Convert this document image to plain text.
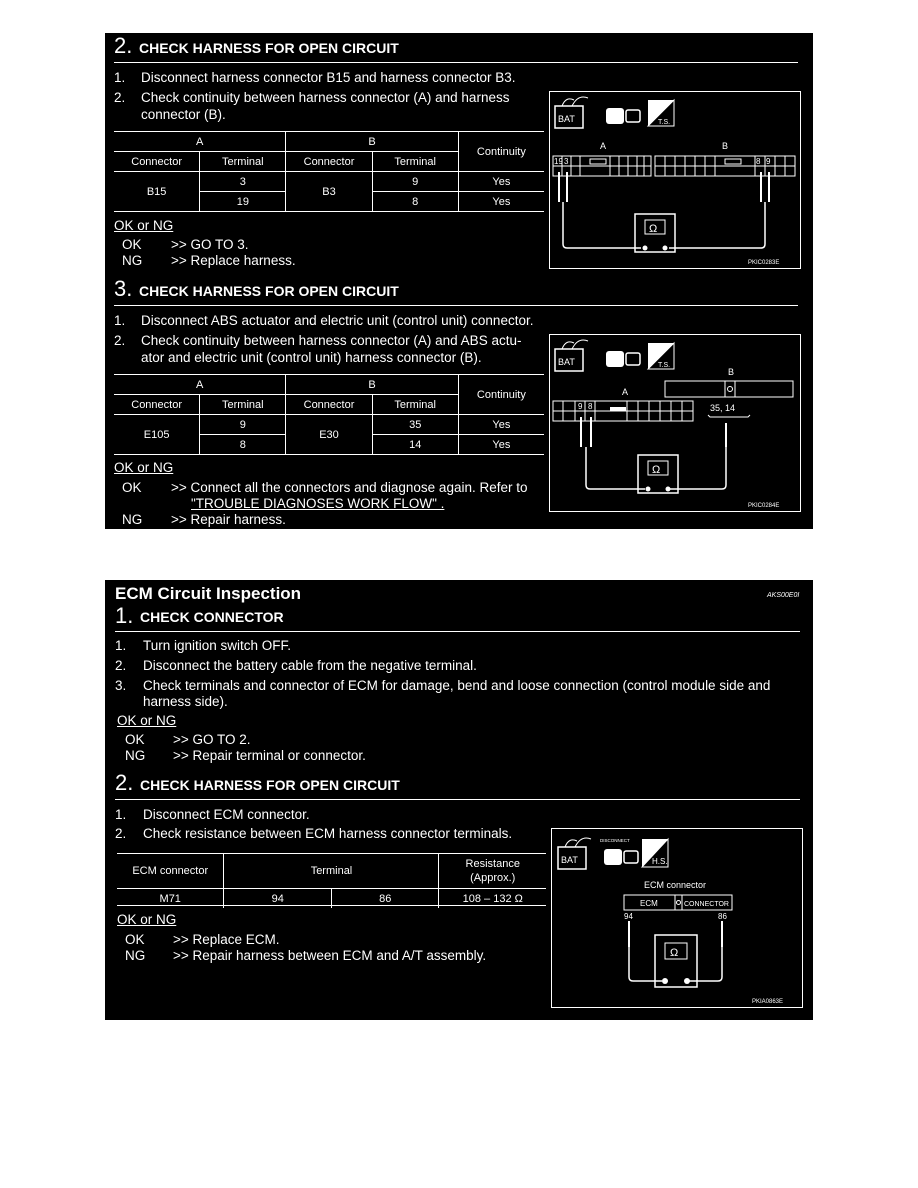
2. CHECK HARNESS FOR OPEN CIRCUIT
1. Disconnect harness connector B15 and harness connector B3.
2. Check continuity between harness connector (A) and harness
connector (B).
A		B		Continuity
Connector	Terminal	Connector	Terminal	
B15	3	B3	9	Yes
	19		8	Yes
OK or NG
OK >> GO TO 3.
NG >> Replace harness.
BAT	T.S.
A	B
19 3	8 9
Ω
PKIC0283E
3. CHECK HARNESS FOR OPEN CIRCUIT
1. Disconnect ABS actuator and electric unit (control unit) connector.
2. Check continuity between harness connector (A) and ABS actu-
ator and electric unit (control unit) harness connector (B).
A		B		Continuity
Connector	Terminal	Connector	Terminal	
E105	9	E30	35	Yes
	8		14	Yes
OK or NG
OK >> Connect all the connectors and diagnose again. Refer to
"TROUBLE DIAGNOSES WORK FLOW" .
NG >> Repair harness.
BAT	T.S.
B
A
9 8	35, 14
Ω
PKIC0284E
ECM Circuit Inspection	AKS00E0I
1. CHECK CONNECTOR
1. Turn ignition switch OFF.
2. Disconnect the battery cable from the negative terminal.
3. Check terminals and connector of ECM for damage, bend and loose connection (control module side and
harness side).
OK or NG
OK >> GO TO 2.
NG >> Repair terminal or connector.
2. CHECK HARNESS FOR OPEN CIRCUIT
1. Disconnect ECM connector.
2. Check resistance between ECM harness connector terminals.
ECM connector	Terminal		Resistance
(Approx.)

M71	94	86	108 – 132 Ω
OK or NG
OK >> Replace ECM.
NG >> Repair harness between ECM and A/T assembly.
BAT
DISCONNECT
H.S.
ECM connector
ECM	CONNECTOR
94	86
Ω
PKIA0863E
